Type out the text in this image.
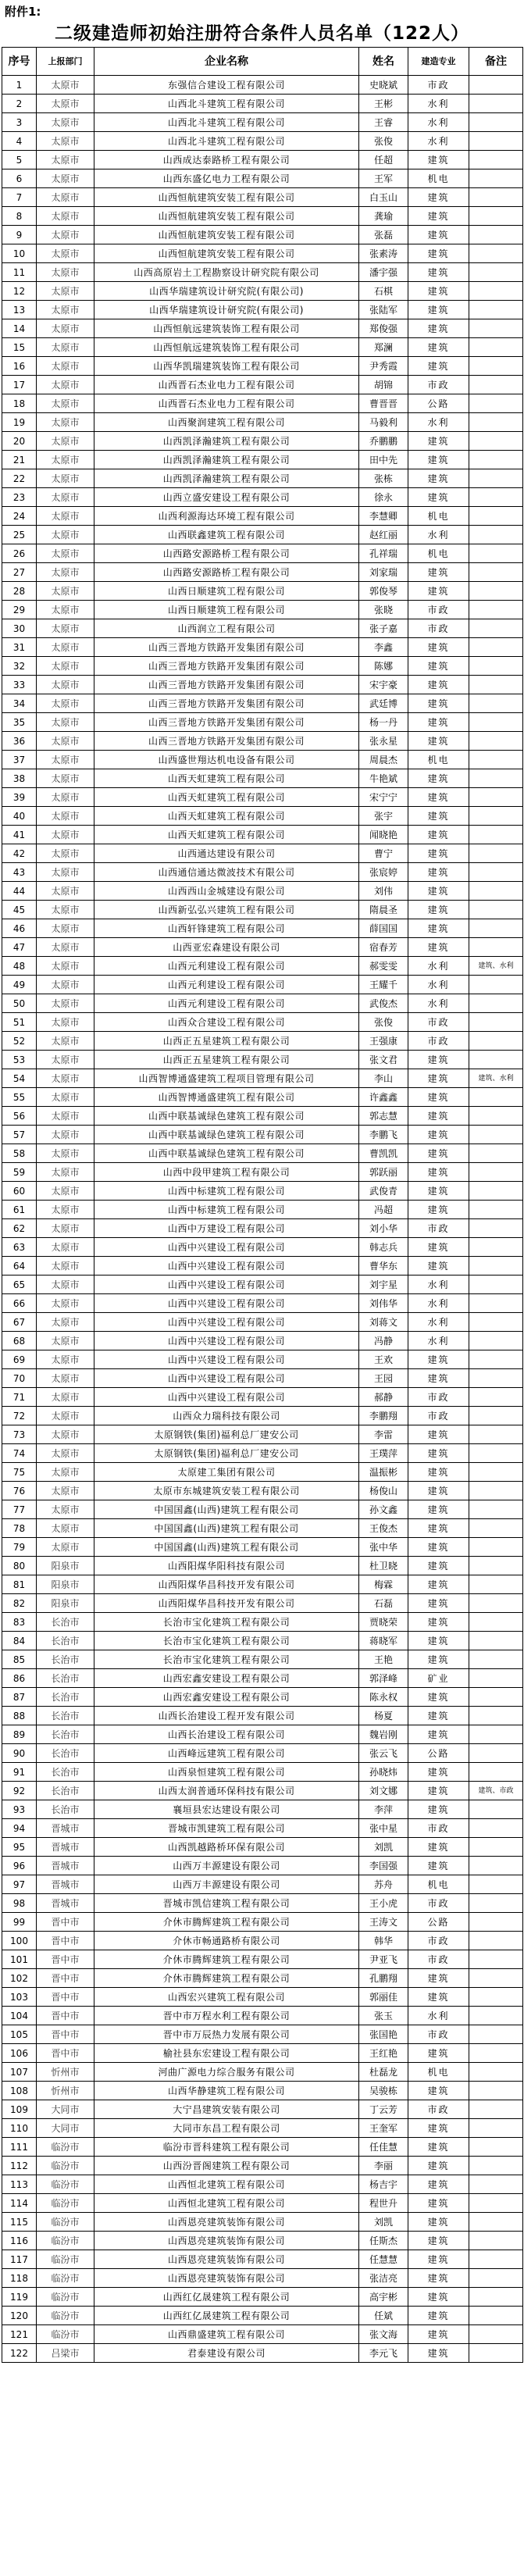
附件1:
二级建造师初始注册符合条件人员名单（122人）
序号	上报部门	企业名称	姓名	建造专业	备注
1	太原市	东强信合建设工程有限公司	史晓斌	市政	
2	太原市	山西北斗建筑工程有限公司	王彬	水利	
3	太原市	山西北斗建筑工程有限公司	王睿	水利	
4	太原市	山西北斗建筑工程有限公司	张俊	水利	
5	太原市	山西成达泰路桥工程有限公司	任超	建筑	
6	太原市	山西东盛亿电力工程有限公司	王军	机电	
7	太原市	山西恒航建筑安装工程有限公司	白玉山	建筑	
8	太原市	山西恒航建筑安装工程有限公司	龚瑜	建筑	
9	太原市	山西恒航建筑安装工程有限公司	张磊	建筑	
10	太原市	山西恒航建筑安装工程有限公司	张素涛	建筑	
11	太原市	山西高原岩土工程勘察设计研究院有限公司	潘宇强	建筑	
12	太原市	山西华瑞建筑设计研究院(有限公司)	石棋	建筑	
13	太原市	山西华瑞建筑设计研究院(有限公司)	张陆军	建筑	
14	太原市	山西恒航远建筑装饰工程有限公司	郑俊强	建筑	
15	太原市	山西恒航远建筑装饰工程有限公司	郑澜	建筑	
16	太原市	山西华凯瑞建筑装饰工程有限公司	尹秀霞	建筑	
17	太原市	山西晋石杰业电力工程有限公司	胡锦	市政	
18	太原市	山西晋石杰业电力工程有限公司	曹晋晋	公路	
19	太原市	山西聚润建筑工程有限公司	马毅利	水利	
20	太原市	山西凯泽瀚建筑工程有限公司	乔鹏鹏	建筑	
21	太原市	山西凯泽瀚建筑工程有限公司	田中先	建筑	
22	太原市	山西凯泽瀚建筑工程有限公司	张栋	建筑	
23	太原市	山西立盛安建设工程有限公司	徐永	建筑	
24	太原市	山西利源海达环境工程有限公司	李慧卿	机电	
25	太原市	山西联鑫建筑工程有限公司	赵红丽	水利	
26	太原市	山西路安源路桥工程有限公司	孔祥瑞	机电	
27	太原市	山西路安源路桥工程有限公司	刘家瑞	建筑	
28	太原市	山西日顺建筑工程有限公司	郭俊琴	建筑	
29	太原市	山西日顺建筑工程有限公司	张晓	市政	
30	太原市	山西润立工程有限公司	张子嘉	市政	
31	太原市	山西三晋地方铁路开发集团有限公司	李鑫	建筑	
32	太原市	山西三晋地方铁路开发集团有限公司	陈娜	建筑	
33	太原市	山西三晋地方铁路开发集团有限公司	宋宇豪	建筑	
34	太原市	山西三晋地方铁路开发集团有限公司	武廷博	建筑	
35	太原市	山西三晋地方铁路开发集团有限公司	杨一丹	建筑	
36	太原市	山西三晋地方铁路开发集团有限公司	张永星	建筑	
37	太原市	山西盛世翔达机电设备有限公司	周晨杰	机电	
38	太原市	山西天虹建筑工程有限公司	牛艳斌	建筑	
39	太原市	山西天虹建筑工程有限公司	宋宁宁	建筑	
40	太原市	山西天虹建筑工程有限公司	张宇	建筑	
41	太原市	山西天虹建筑工程有限公司	闻晓艳	建筑	
42	太原市	山西通达建设有限公司	曹宁	建筑	
43	太原市	山西通信通达微波技术有限公司	张宸婷	建筑	
44	太原市	山西西山金城建设有限公司	刘伟	建筑	
45	太原市	山西新弘弘兴建筑工程有限公司	隋晨圣	建筑	
46	太原市	山西轩锋建筑工程有限公司	薛国国	建筑	
47	太原市	山西亚宏森建设有限公司	宿春芳	建筑	
48	太原市	山西元利建设工程有限公司	郝雯雯	水利	建筑、水利
49	太原市	山西元利建设工程有限公司	王耀千	水利	
50	太原市	山西元利建设工程有限公司	武俊杰	水利	
51	太原市	山西众合建设工程有限公司	张俊	市政	
52	太原市	山西正五星建筑工程有限公司	王强康	市政	
53	太原市	山西正五星建筑工程有限公司	张文君	建筑	
54	太原市	山西智博通盛建筑工程项目管理有限公司	李山	建筑	建筑、水利
55	太原市	山西智博通盛建筑工程有限公司	许鑫鑫	建筑	
56	太原市	山西中联基诚绿色建筑工程有限公司	郭志慧	建筑	
57	太原市	山西中联基诚绿色建筑工程有限公司	李鹏飞	建筑	
58	太原市	山西中联基诚绿色建筑工程有限公司	曹凯凯	建筑	
59	太原市	山西中段甲建筑工程有限公司	郭跃丽	建筑	
60	太原市	山西中标建筑工程有限公司	武俊青	建筑	
61	太原市	山西中标建筑工程有限公司	冯超	建筑	
62	太原市	山西中万建设工程有限公司	刘小华	市政	
63	太原市	山西中兴建设工程有限公司	韩志兵	建筑	
64	太原市	山西中兴建设工程有限公司	曹华东	建筑	
65	太原市	山西中兴建设工程有限公司	刘宇星	水利	
66	太原市	山西中兴建设工程有限公司	刘伟华	水利	
67	太原市	山西中兴建设工程有限公司	刘蒋文	水利	
68	太原市	山西中兴建设工程有限公司	冯静	水利	
69	太原市	山西中兴建设工程有限公司	王欢	建筑	
70	太原市	山西中兴建设工程有限公司	王园	建筑	
71	太原市	山西中兴建设工程有限公司	郝静	市政	
72	太原市	山西众力瑞科技有限公司	李鹏翔	市政	
73	太原市	太原钢铁(集团)福利总厂建安公司	李雷	建筑	
74	太原市	太原钢铁(集团)福利总厂建安公司	王璞萍	建筑	
75	太原市	太原建工集团有限公司	温振彬	建筑	
76	太原市	太原市东城建筑安装工程有限公司	杨俊山	建筑	
77	太原市	中国国鑫(山西)建筑工程有限公司	孙文鑫	建筑	
78	太原市	中国国鑫(山西)建筑工程有限公司	王俊杰	建筑	
79	太原市	中国国鑫(山西)建筑工程有限公司	张中华	建筑	
80	阳泉市	山西阳煤华阳科技有限公司	杜卫晓	建筑	
81	阳泉市	山西阳煤华昌科技开发有限公司	梅霖	建筑	
82	阳泉市	山西阳煤华昌科技开发有限公司	石磊	建筑	
83	长治市	长治市宝化建筑工程有限公司	贾晓荣	建筑	
84	长治市	长治市宝化建筑工程有限公司	蒋晓军	建筑	
85	长治市	长治市宝化建筑工程有限公司	王艳	建筑	
86	长治市	山西宏鑫安建设工程有限公司	郭泽峰	矿业	
87	长治市	山西宏鑫安建设工程有限公司	陈永权	建筑	
88	长治市	山西长治建设工程开发有限公司	杨夏	建筑	
89	长治市	山西长治建设工程有限公司	魏岩刚	建筑	
90	长治市	山西峰远建筑工程有限公司	张云飞	公路	
91	长治市	山西泉恒建筑工程有限公司	孙晓炜	建筑	
92	长治市	山西太润普通环保科技有限公司	刘文娜	建筑	建筑、市政
93	长治市	襄垣县宏达建设有限公司	李萍	建筑	
94	晋城市	晋城市凯建筑工程有限公司	张中星	市政	
95	晋城市	山西凯越路桥环保有限公司	刘凯	建筑	
96	晋城市	山西万丰源建设有限公司	李国强	建筑	
97	晋城市	山西万丰源建设有限公司	苏舟	机电	
98	晋城市	晋城市凯信建筑工程有限公司	王小虎	市政	
99	晋中市	介休市腾辉建筑工程有限公司	王涛文	公路	
100	晋中市	介休市畅通路桥有限公司	韩华	市政	
101	晋中市	介休市腾辉建筑工程有限公司	尹亚飞	市政	
102	晋中市	介休市腾辉建筑工程有限公司	孔鹏翔	建筑	
103	晋中市	山西宏兴建筑工程有限公司	郭丽佳	建筑	
104	晋中市	晋中市万程水利工程有限公司	张玉	水利	
105	晋中市	晋中市万辰热力发展有限公司	张国艳	市政	
106	晋中市	榆社县东宏建设工程有限公司	王红艳	建筑	
107	忻州市	河曲广源电力综合服务有限公司	杜磊龙	机电	
108	忻州市	山西华静建筑工程有限公司	吴骏栋	建筑	
109	大同市	大宁昌建筑安装有限公司	丁云芳	市政	
110	大同市	大同市东昌工程有限公司	王奎军	建筑	
111	临汾市	临汾市晋科建筑工程有限公司	任佳慧	建筑	
112	临汾市	山西汾晋阁建筑工程有限公司	李丽	建筑	
113	临汾市	山西恒北建筑工程有限公司	杨吉宇	建筑	
114	临汾市	山西恒北建筑工程有限公司	程世升	建筑	
115	临汾市	山西恩亮建筑装饰有限公司	刘凯	建筑	
116	临汾市	山西恩亮建筑装饰有限公司	任斯杰	建筑	
117	临汾市	山西恩亮建筑装饰有限公司	任慧慧	建筑	
118	临汾市	山西恩亮建筑装饰有限公司	张洁亮	建筑	
119	临汾市	山西红亿晟建筑工程有限公司	高宇彬	建筑	
120	临汾市	山西红亿晟建筑工程有限公司	任斌	建筑	
121	临汾市	山西鼎盛建筑工程有限公司	张文海	建筑	
122	吕梁市	君泰建设有限公司	李元飞	建筑	
